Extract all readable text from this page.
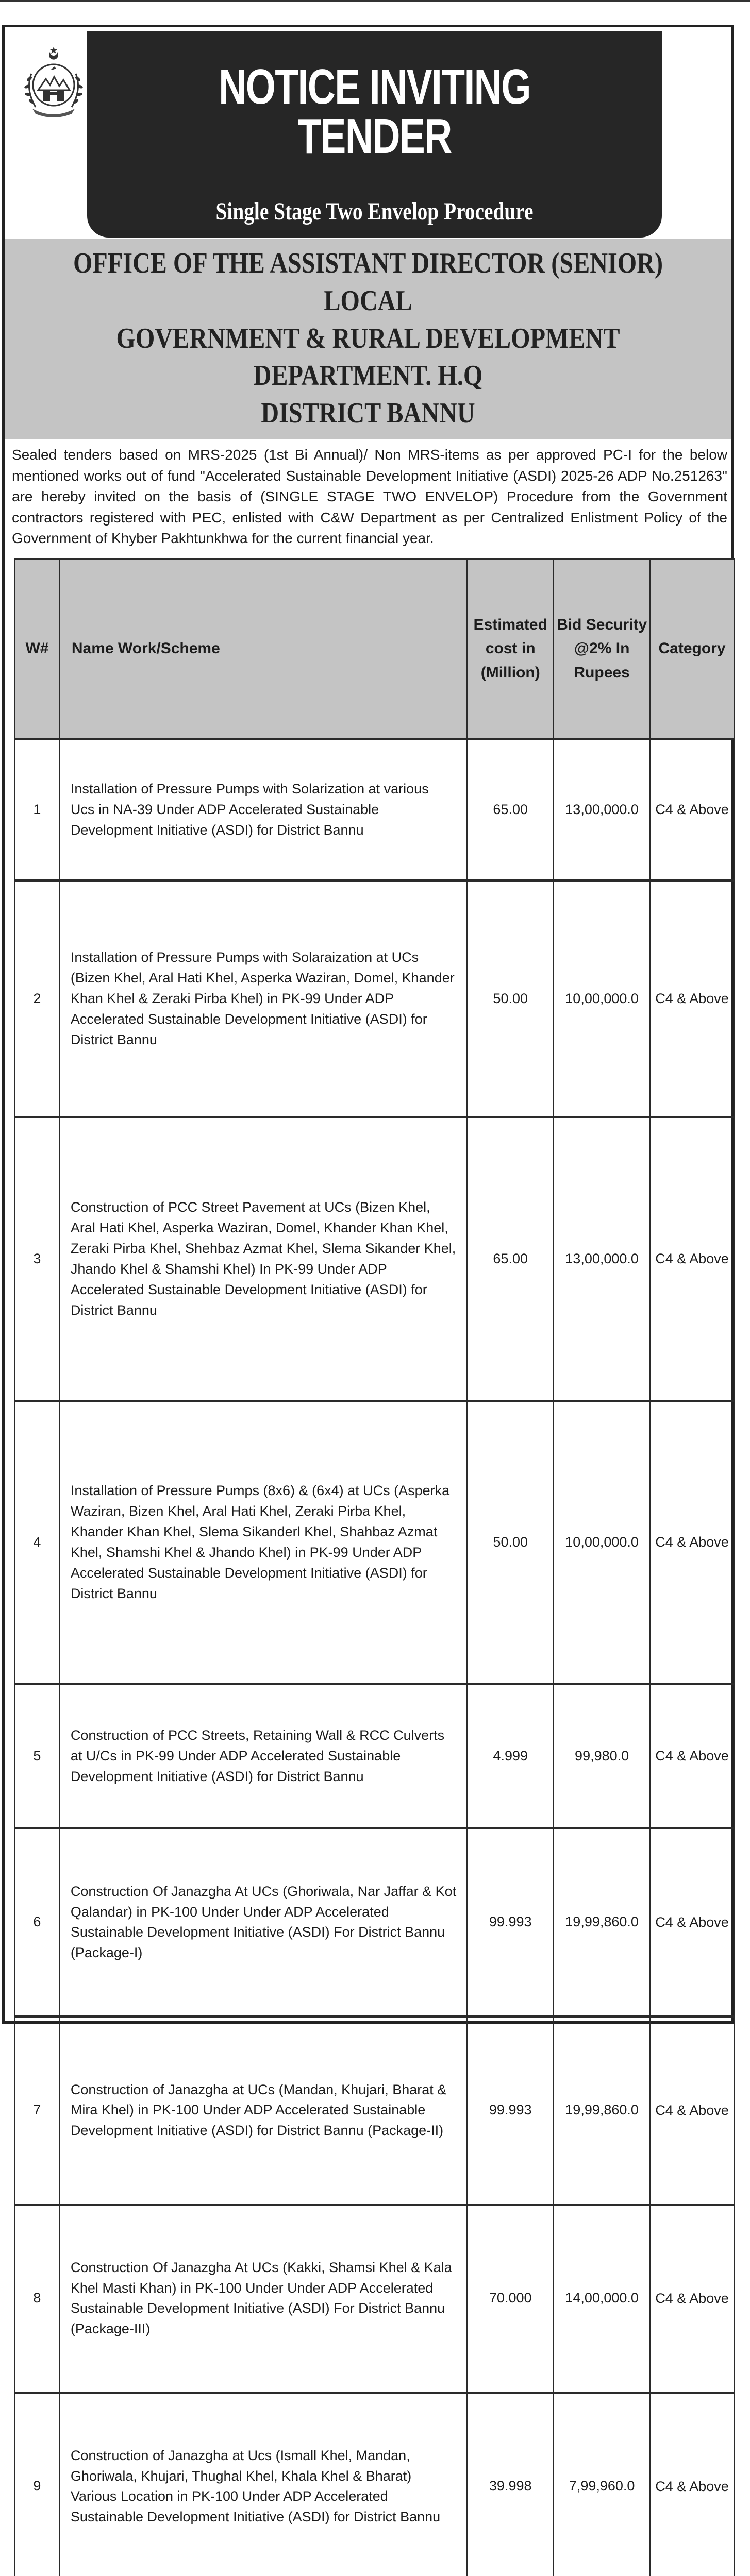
NOTICE INVITING TENDER
Single Stage Two Envelop Procedure
OFFICE OF THE ASSISTANT DIRECTOR (SENIOR) LOCAL
GOVERNMENT & RURAL DEVELOPMENT DEPARTMENT. H.Q
DISTRICT BANNU

Sealed tenders based on MRS-2025 (1st Bi Annual)/ Non MRS-items as per approved PC-I for the below mentioned works out of fund "Accelerated Sustainable Development Initiative (ASDI) 2025-26 ADP No.251263" are hereby invited on the basis of (SINGLE STAGE TWO ENVELOP) Procedure from the Government contractors registered with PEC, enlisted with C&W Department as per Centralized Enlistment Policy of the Government of Khyber Pakhtunkhwa for the current financial year.

W#	Name Work/Scheme	Estimated cost in (Million)	Bid Security @2% In Rupees	Category
1	Installation of Pressure Pumps with Solarization at various Ucs in NA-39 Under ADP Accelerated Sustainable Development Initiative (ASDI) for District Bannu	65.00	13,00,000.0	C4 & Above
2	Installation of Pressure Pumps with Solaraization at UCs (Bizen Khel, Aral Hati Khel, Asperka Waziran, Domel, Khander Khan Khel & Zeraki Pirba Khel) in PK-99 Under ADP Accelerated Sustainable Development Initiative (ASDI) for District Bannu	50.00	10,00,000.0	C4 & Above
3	Construction of PCC Street Pavement at UCs (Bizen Khel, Aral Hati Khel, Asperka Waziran, Domel, Khander Khan Khel, Zeraki Pirba Khel, Shehbaz Azmat Khel, Slema Sikander Khel, Jhando Khel & Shamshi Khel) In PK-99 Under ADP Accelerated Sustainable Development Initiative (ASDI) for District Bannu	65.00	13,00,000.0	C4 & Above
4	Installation of Pressure Pumps (8x6) & (6x4) at UCs (Asperka Waziran, Bizen Khel, Aral Hati Khel, Zeraki Pirba Khel, Khander Khan Khel, Slema Sikanderl Khel, Shahbaz Azmat Khel, Shamshi Khel & Jhando Khel) in PK-99 Under ADP Accelerated Sustainable Development Initiative (ASDI) for District Bannu	50.00	10,00,000.0	C4 & Above
5	Construction of PCC Streets, Retaining Wall & RCC Culverts at U/Cs in PK-99 Under ADP Accelerated Sustainable Development Initiative (ASDI) for District Bannu	4.999	99,980.0	C4 & Above
6	Construction Of Janazgha At UCs (Ghoriwala, Nar Jaffar & Kot Qalandar) in PK-100 Under Under ADP Accelerated Sustainable Development Initiative (ASDI) For District Bannu (Package-I)	99.993	19,99,860.0	C4 & Above
7	Construction of Janazgha at UCs (Mandan, Khujari, Bharat & Mira Khel) in PK-100 Under ADP Accelerated Sustainable Development Initiative (ASDI) for District Bannu (Package-II)	99.993	19,99,860.0	C4 & Above
8	Construction Of Janazgha At UCs (Kakki, Shamsi Khel & Kala Khel Masti Khan) in PK-100 Under Under ADP Accelerated Sustainable Development Initiative (ASDI) For District Bannu (Package-III)	70.000	14,00,000.0	C4 & Above
9	Construction of Janazgha at Ucs (Ismall Khel, Mandan, Ghoriwala, Khujari, Thughal Khel, Khala Khel & Bharat) Various Location in PK-100 Under ADP Accelerated Sustainable Development Initiative (ASDI) for District Bannu	39.998	7,99,960.0	C4 & Above
